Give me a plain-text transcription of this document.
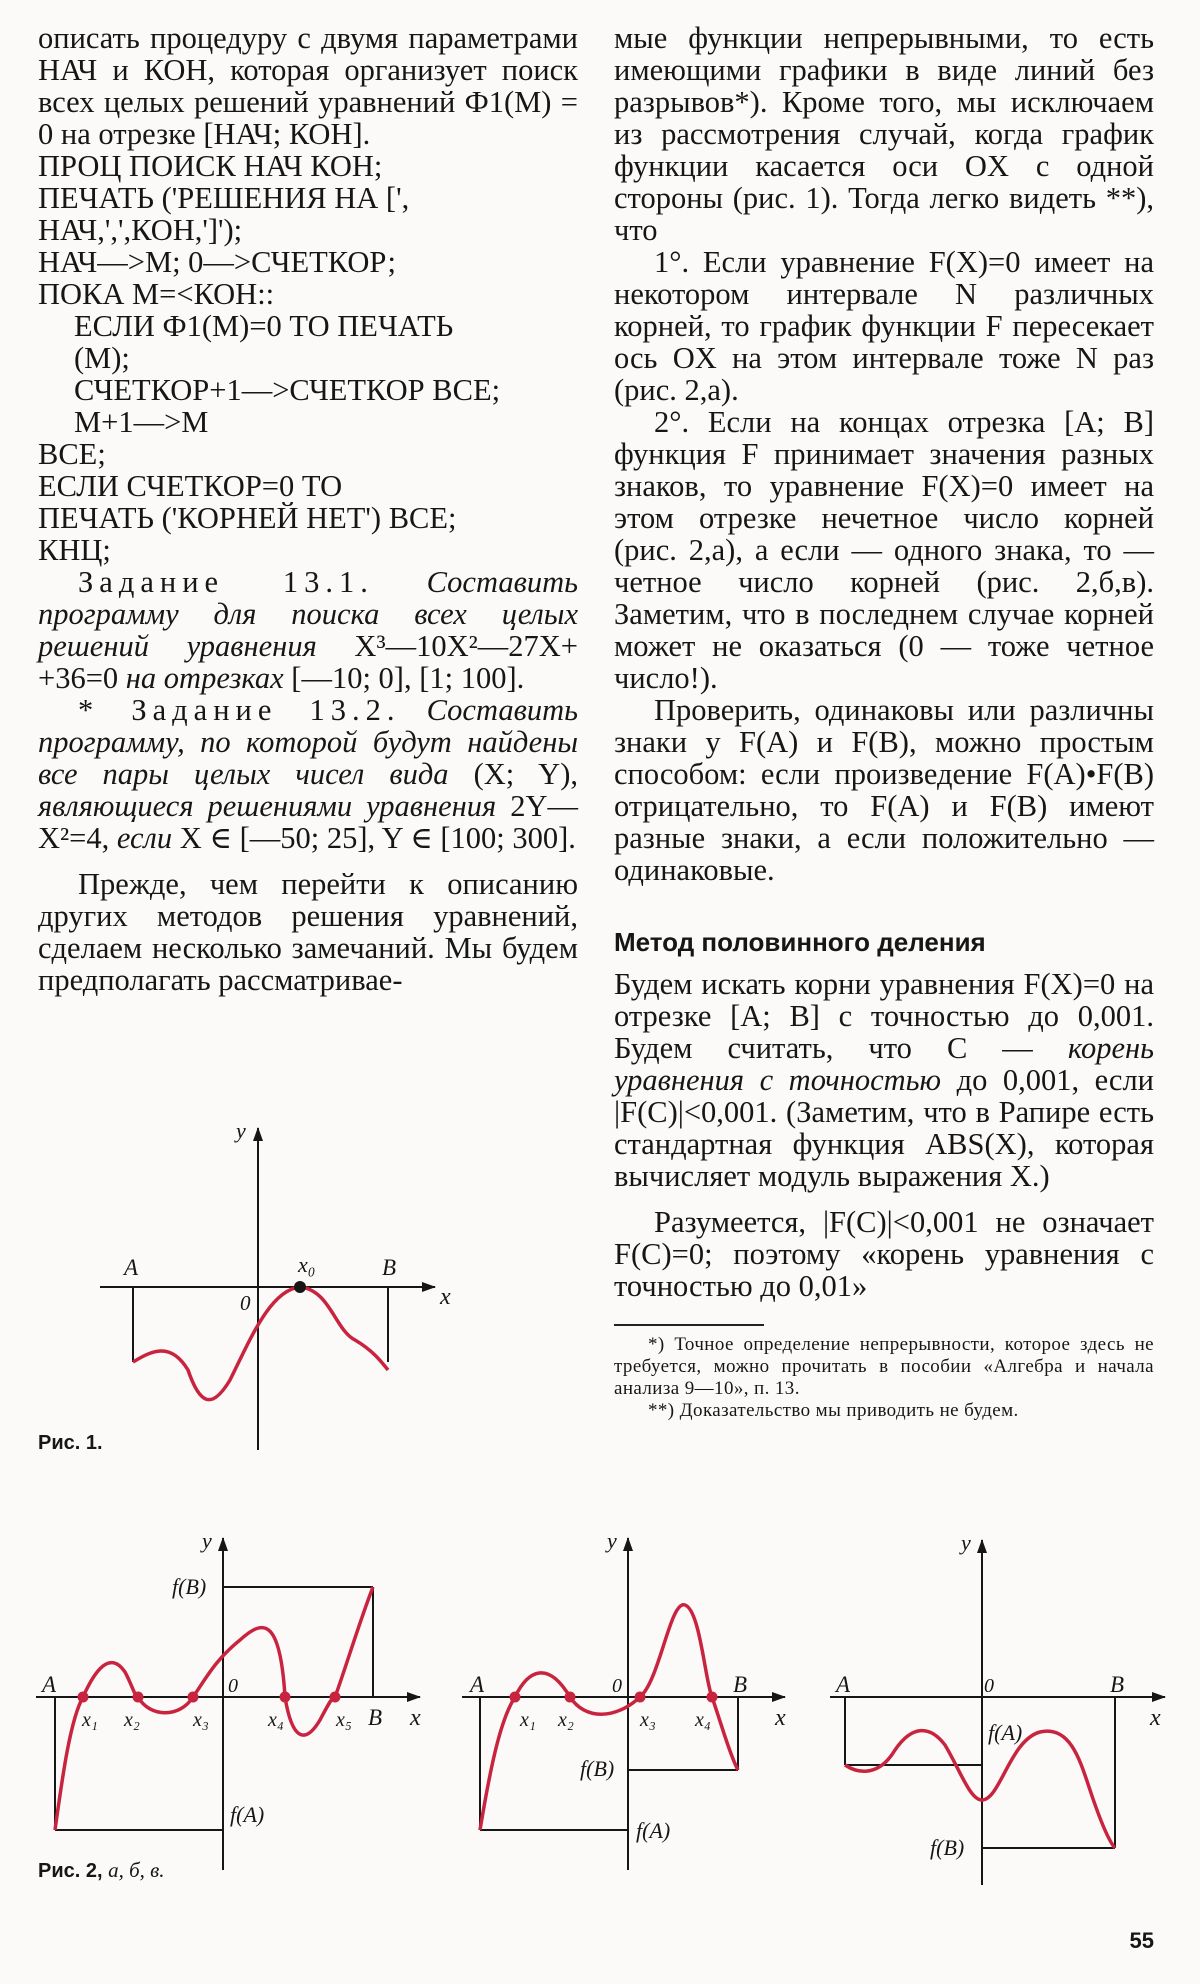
описать процедуру с двумя параметрами НАЧ и КОН, которая организует поиск всех целых решений уравнений Ф1(М) = 0 на отрезке [НАЧ; КОН].

ПРОЦ ПОИСК НАЧ КОН;

ПЕЧАТЬ ('РЕШЕНИЯ НА [',

НАЧ,',',КОН,']');

НАЧ—>М; 0—>СЧЕТКОР;

ПОКА М=<КОН::

ЕСЛИ Ф1(М)=0 ТО ПЕЧАТЬ

(М);

СЧЕТКОР+1—>СЧЕТКОР ВСЕ;

М+1—>М

ВСЕ;

ЕСЛИ СЧЕТКОР=0 ТО

ПЕЧАТЬ ('КОРНЕЙ НЕТ') ВСЕ;

КНЦ;

Задание 13.1. Составить программу для поиска всех целых решений уравнения X³—10X²—27X+ +36=0 на отрезках [—10; 0], [1; 100].

* Задание 13.2. Составить программу, по которой будут найдены все пары целых чисел вида (X; Y), являющиеся решениями уравнения 2Y—X²=4, если X ∈ [—50; 25], Y ∈ [100; 300].

Прежде, чем перейти к описанию других методов решения уравнений, сделаем несколько замечаний. Мы будем предполагать рассматривае-

мые функции непрерывными, то есть имеющими графики в виде линий без разрывов*). Кроме того, мы исключаем из рассмотрения случай, когда график функции касается оси OX с одной стороны (рис. 1). Тогда легко видеть **), что

1°. Если уравнение F(X)=0 имеет на некотором интервале N различных корней, то график функции F пересекает ось OX на этом интервале тоже N раз (рис. 2,a).

2°. Если на концах отрезка [A; B] функция F принимает значения разных знаков, то уравнение F(X)=0 имеет на этом отрезке нечетное число корней (рис. 2,a), а если — одного знака, то — четное число корней (рис. 2,б,в). Заметим, что в последнем случае корней может не оказаться (0 — тоже четное число!).

Проверить, одинаковы или различны знаки у F(A) и F(B), можно простым способом: если произведение F(A)•F(B) отрицательно, то F(A) и F(B) имеют разные знаки, а если положительно — одинаковые.

Метод половинного деления

Будем искать корни уравнения F(X)=0 на отрезке [A; B] с точностью до 0,001. Будем считать, что C — корень уравнения с точностью до 0,001, если |F(C)|<0,001. (Заметим, что в Рапире есть стандартная функция ABS(X), которая вычисляет модуль выражения X.)

Разумеется, |F(C)|<0,001 не означает F(C)=0; поэтому «корень уравнения с точностью до 0,01»

*) Точное определение непрерывности, которое здесь не требуется, можно прочитать в пособии «Алгебра и начала анализа 9—10», п. 13.

**) Доказательство мы приводить не будем.

y
x
0
A	B
x₀
Рис. 1.
y
x
0
A
B
f(B)
f(A)
x₁ x₂	x₃	x₄	x₅
y
x
0
A	B
f(B)
f(A)
x₁ x₂	x₃ x₄
y
x
0
A	B
f(A)
f(B)
Рис. 2, а, б, в.
55
